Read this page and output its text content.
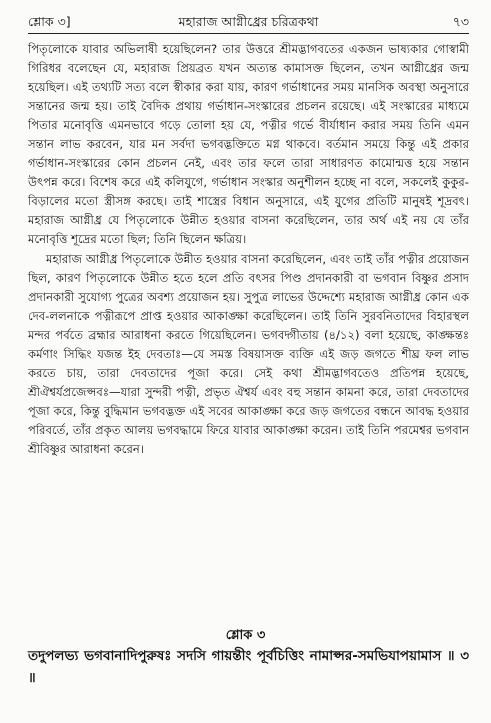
শ্লোক ৩]	মহারাজ আগ্নীধ্রের চরিত্রকথা	৭৩

পিতৃলোকে যাবার অভিলাষী হয়েছিলেন? তার উত্তরে শ্রীমদ্ভাগবতের একজন ভাষ্যকার গোস্বামী গিরিধর বলেছেন যে, মহারাজ প্রিয়ব্রত যখন অত্যন্ত কামাসক্ত ছিলেন, তখন আগ্নীধ্রের জন্ম হয়েছিল। এই তথ্যটি সত্য বলে স্বীকার করা যায়, কারণ গর্ভাধানের সময় মানসিক অবস্থা অনুসারে সন্তানের জন্ম হয়। তাই বৈদিক প্রথায় গর্ভাধান-সংস্কারের প্রচলন রয়েছে। এই সংস্কারের মাধ্যমে পিতার মনোবৃত্তি এমনভাবে গড়ে তোলা হয় যে, পত্নীর গর্ভে বীর্যাধান করার সময় তিনি এমন সন্তান লাভ করবেন, যার মন সর্বদা ভগবদ্ভক্তিতে মগ্ন থাকবে। বর্তমান সময়ে কিন্তু এই প্রকার গর্ভাধান-সংস্কারের কোন প্রচলন নেই, এবং তার ফলে তারা সাধারণত কামোন্মত্ত হয়ে সন্তান উৎপন্ন করে। বিশেষ করে এই কলিযুগে, গর্ভাধান সংস্কার অনুশীলন হচ্ছে না বলে, সকলেই কুকুর-বিড়ালের মতো স্ত্রীসঙ্গ করছে। তাই শাস্ত্রের বিধান অনুসারে, এই যুগের প্রতিটি মানুষই শূদ্রবৎ। মহারাজ আগ্নীধ্র যে পিতৃলোকে উন্নীত হওয়ার বাসনা করেছিলেন, তার অর্থ এই নয় যে তাঁর মনোবৃত্তি শূদ্রের মতো ছিল; তিনি ছিলেন ক্ষত্রিয়।

মহারাজ আগ্নীধ্র পিতৃলোকে উন্নীত হওয়ার বাসনা করেছিলেন, এবং তাই তাঁর পত্নীর প্রয়োজন ছিল, কারণ পিতৃলোকে উন্নীত হতে হলে প্রতি বৎসর পিণ্ড প্রদানকারী বা ভগবান বিষ্ণুর প্রসাদ প্রদানকারী সুযোগ্য পুত্রের অবশ্য প্রয়োজন হয়। সুপুত্র লাভের উদ্দেশ্যে মহারাজ আগ্নীধ্র কোন এক দেব-ললনাকে পত্নীরূপে প্রাপ্ত হওয়ার আকাঙ্ক্ষা করেছিলেন। তাই তিনি সুরবনিতাদের বিহারস্থল মন্দর পর্বতে ব্রহ্মার আরাধনা করতে গিয়েছিলেন। ভগবদ্গীতায় (৪/১২) বলা হয়েছে, কাঙ্ক্ষন্তঃ কর্মণাং সিদ্ধিং যজন্ত ইহ দেবতাঃ—যে সমস্ত বিষয়াসক্ত ব্যক্তি এই জড় জগতে শীঘ্র ফল লাভ করতে চায়, তারা দেবতাদের পূজা করে। সেই কথা শ্রীমদ্ভাগবতেও প্রতিপন্ন হয়েছে, শ্রীঐশ্বর্যপ্রজেপ্সবঃ—যারা সুন্দরী পত্নী, প্রভৃত ঐশ্বর্য এবং বহু সন্তান কামনা করে, তারা দেবতাদের পূজা করে, কিন্তু বুদ্ধিমান ভগবদ্ভক্ত এই সবের আকাঙ্ক্ষা করে জড় জগতের বন্ধনে আবদ্ধ হওয়ার পরিবর্তে, তাঁর প্রকৃত আলয় ভগবদ্ধামে ফিরে যাবার আকাঙ্ক্ষা করেন। তাই তিনি পরমেশ্বর ভগবান শ্রীবিষ্ণুর আরাধনা করেন।

শ্লোক ৩
তদুপলভ্য ভগবানাদিপুরুষঃ সদসি গায়ন্তীং পূর্বচিত্তিং নামাপ্সর-সমভিযাপয়ামাস ॥ ৩ ॥
